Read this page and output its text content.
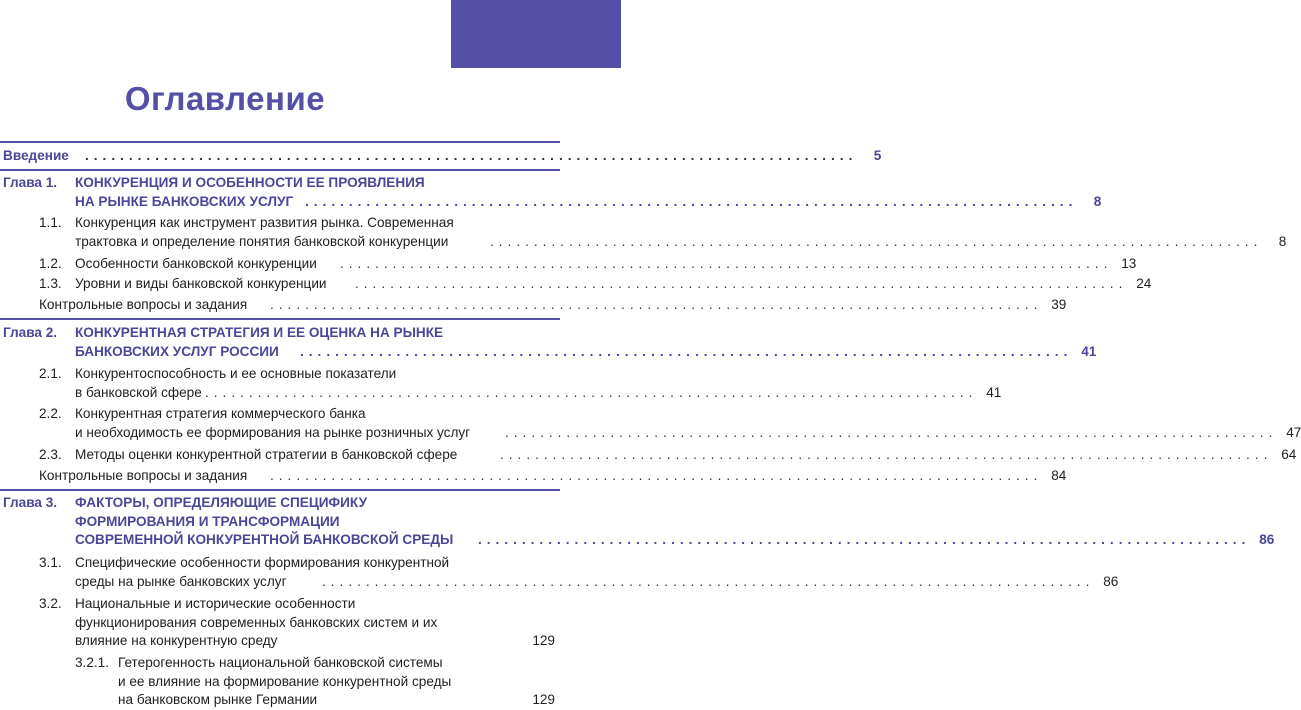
Оглавление
Введение ........................................................................................	5
Глава 1. КОНКУРЕНЦИЯ И ОСОБЕННОСТИ ЕЕ ПРОЯВЛЕНИЯ
НА РЫНКЕ БАНКОВСКИХ УСЛУГ ........................................................................................	8
1.1. Конкуренция как инструмент развития рынка. Современная
трактовка и определение понятия банковской конкуренции	........................................................................................	8
1.2. Особенности банковской конкуренции ........................................................................................ 13
1.3. Уровни и виды банковской конкуренции ........................................................................................ 24
Контрольные вопросы и задания ........................................................................................ 39
Глава 2. КОНКУРЕНТНАЯ СТРАТЕГИЯ И ЕЕ ОЦЕНКА НА РЫНКЕ
БАНКОВСКИХ УСЛУГ РОССИИ ........................................................................................ 41
2.1. Конкурентоспособность и ее основные показатели
в банковской сфере ........................................................................................ 41
2.2. Конкурентная стратегия коммерческого банка
и необходимость ее формирования на рынке розничных услуг	........................................................................................ 47
2.3. Методы оценки конкурентной стратегии в банковской сфере	........................................................................................ 64
Контрольные вопросы и задания ........................................................................................ 84
Глава 3. ФАКТОРЫ, ОПРЕДЕЛЯЮЩИЕ СПЕЦИФИКУ
ФОРМИРОВАНИЯ И ТРАНСФОРМАЦИИ
СОВРЕМЕННОЙ КОНКУРЕНТНОЙ БАНКОВСКОЙ СРЕДЫ ........................................................................................ 86
3.1. Специфические особенности формирования конкурентной
среды на рынке банковских услуг	........................................................................................ 86
3.2. Национальные и исторические особенности
функционирования современных банковских систем и их
влияние на конкурентную среду	129
3.2.1. Гетерогенность национальной банковской системы
и ее влияние на формирование конкурентной среды
на банковском рынке Германии	129
